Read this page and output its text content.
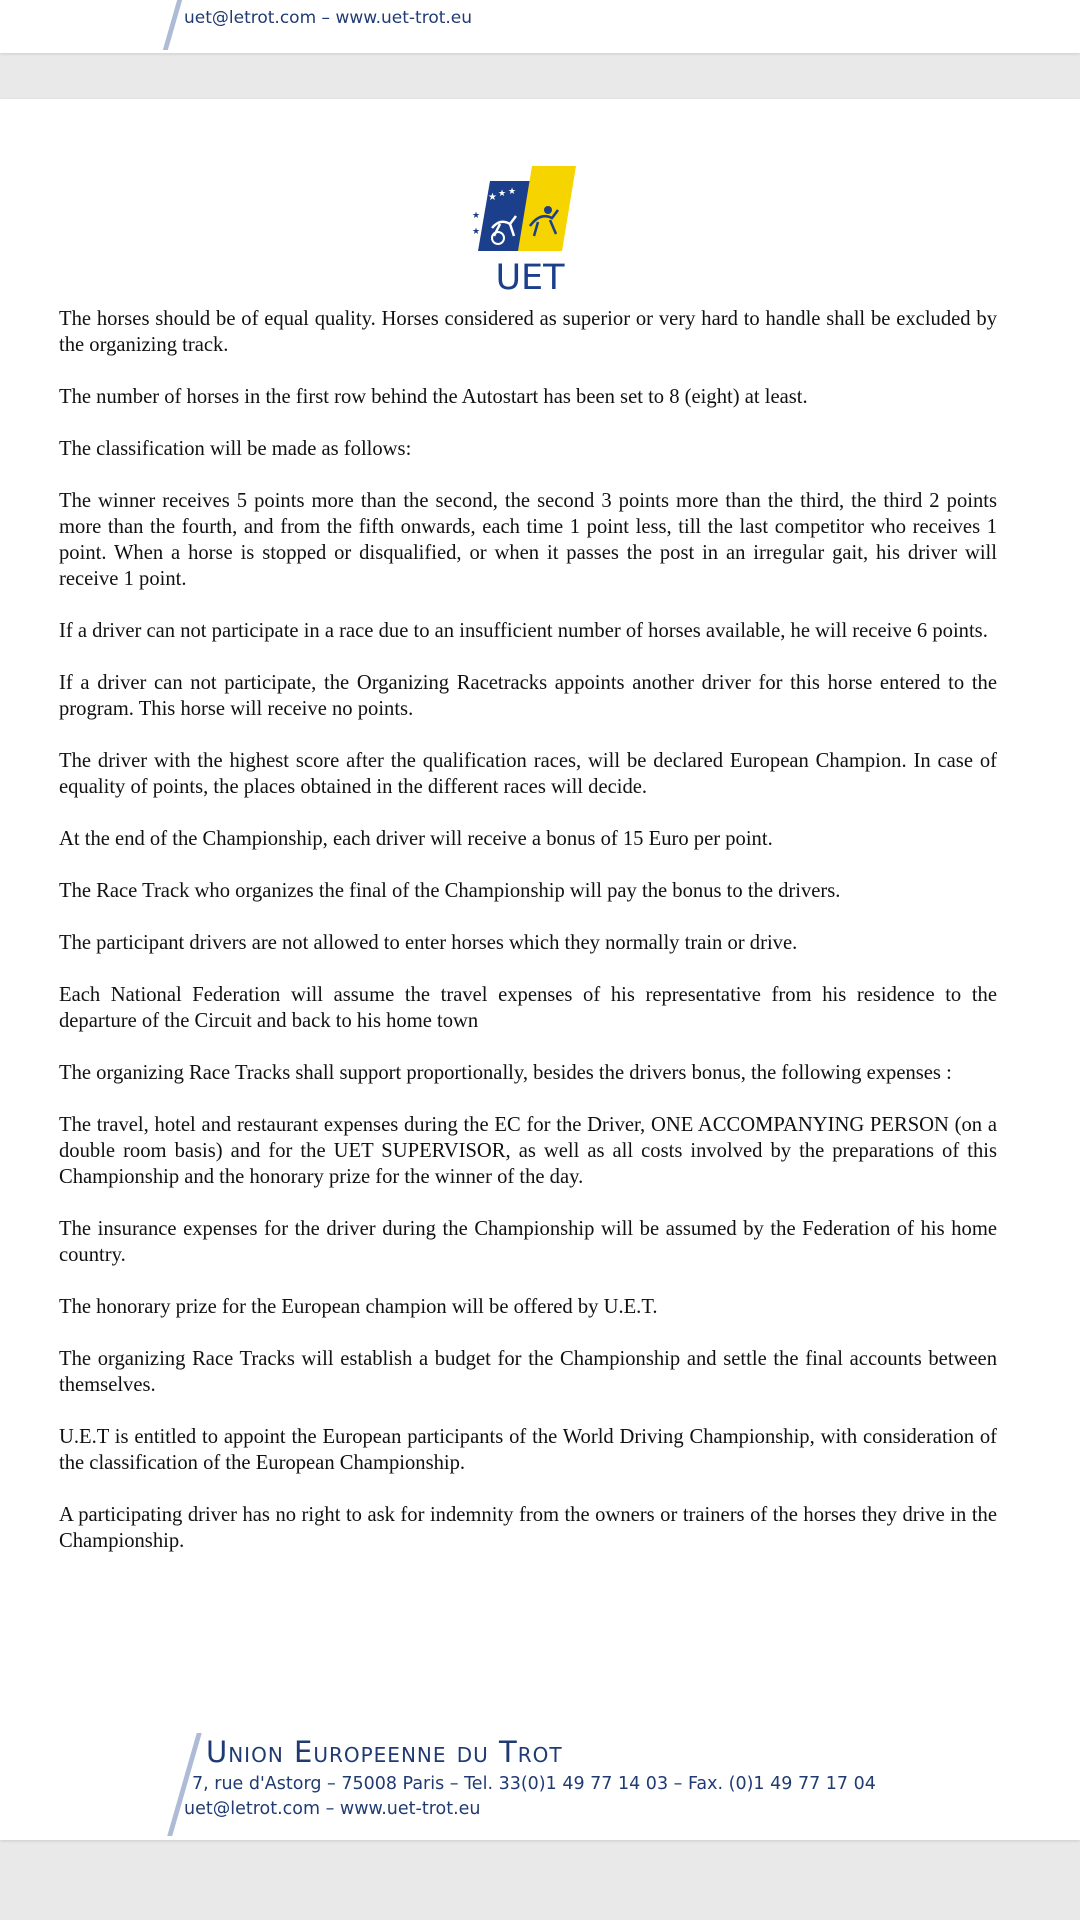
uet@letrot.com – www.uet-trot.eu
★ ★ ★
★
★
UET

The horses should be of equal quality. Horses considered as superior or very hard to handle shall be excluded by the organizing track.

The number of horses in the first row behind the Autostart has been set to 8 (eight) at least.

The classification will be made as follows:

The winner receives 5 points more than the second, the second 3 points more than the third, the third 2 points more than the fourth, and from the fifth onwards, each time 1 point less, till the last competitor who receives 1 point. When a horse is stopped or disqualified, or when it passes the post in an irregular gait, his driver will receive 1 point.

If a driver can not participate in a race due to an insufficient number of horses available, he will receive 6 points.

If a driver can not participate, the Organizing Racetracks appoints another driver for this horse entered to the program. This horse will receive no points.

The driver with the highest score after the qualification races, will be declared European Champion. In case of equality of points, the places obtained in the different races will decide.

At the end of the Championship, each driver will receive a bonus of 15 Euro per point.

The Race Track who organizes the final of the Championship will pay the bonus to the drivers.

The participant drivers are not allowed to enter horses which they normally train or drive.

Each National Federation will assume the travel expenses of his representative from his residence to the departure of the Circuit and back to his home town

The organizing Race Tracks shall support proportionally, besides the drivers bonus, the following expenses :

The travel, hotel and restaurant expenses during the EC for the Driver, ONE ACCOMPANYING PERSON (on a double room basis) and for the UET SUPERVISOR, as well as all costs involved by the preparations of this Championship and the honorary prize for the winner of the day.

The insurance expenses for the driver during the Championship will be assumed by the Federation of his home country.

The honorary prize for the European champion will be offered by U.E.T.

The organizing Race Tracks will establish a budget for the Championship and settle the final accounts between themselves.

U.E.T is entitled to appoint the European participants of the World Driving Championship, with consideration of the classification of the European Championship.

A participating driver has no right to ask for indemnity from the owners or trainers of the horses they drive in the Championship.

Union Europeenne du Trot
7, rue d'Astorg – 75008 Paris – Tel. 33(0)1 49 77 14 03 – Fax. (0)1 49 77 17 04
uet@letrot.com – www.uet-trot.eu
